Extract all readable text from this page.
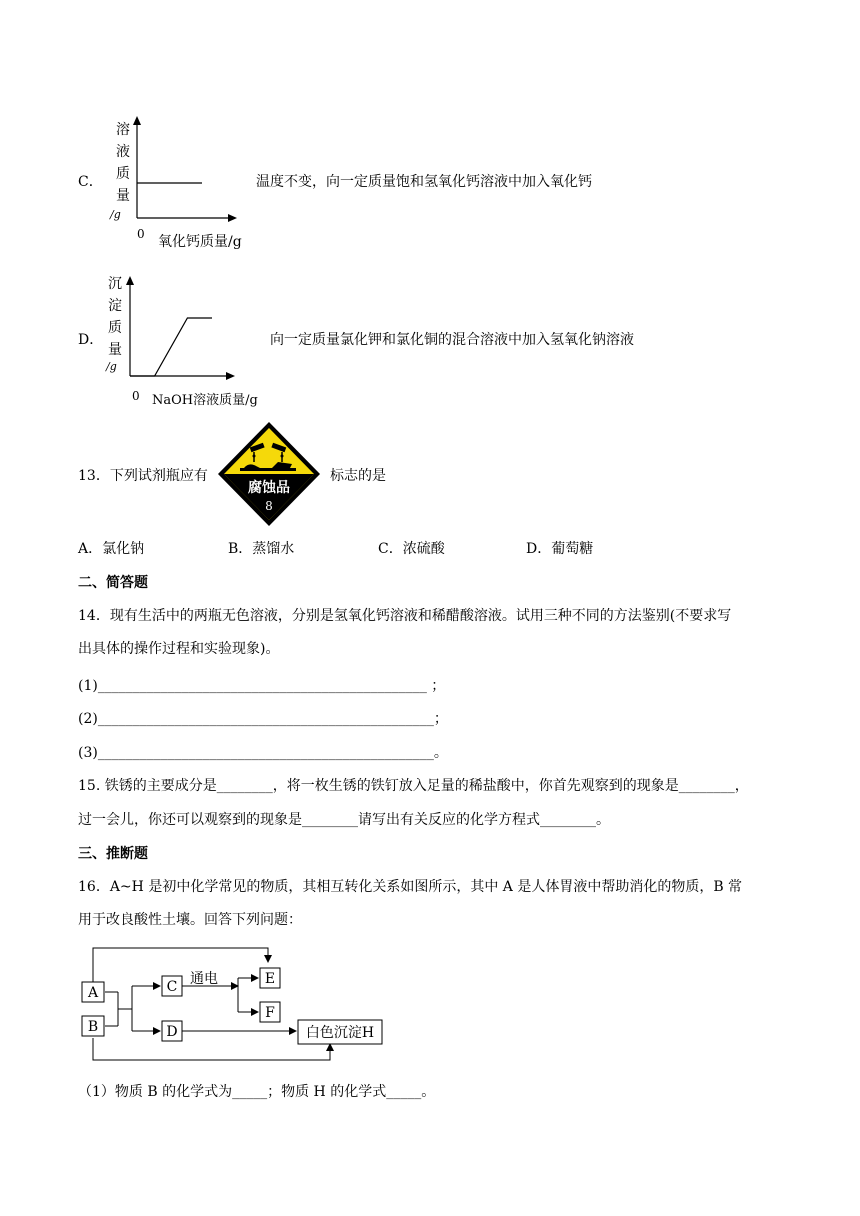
C．
溶
液
质
量
/g
0 氧化钙质量/g
温度不变，向一定质量饱和氢氧化钙溶液中加入氧化钙
D．
沉
淀
质
量
/g
0 NaOH溶液质量/g
向一定质量氯化钾和氯化铜的混合溶液中加入氢氧化钠溶液
13．下列试剂瓶应有
腐蚀品
8
标志的是
A．氯化钠	B．蒸馏水	C．浓硫酸	D．葡萄糖
二、简答题
14．现有生活中的两瓶无色溶液，分别是氢氧化钙溶液和稀醋酸溶液。试用三种不同的方法鉴别(不要求写
出具体的操作过程和实验现象)。
(1)_______________________________________________ ；
(2)________________________________________________；
(3)________________________________________________。
15. 铁锈的主要成分是________，将一枚生锈的铁钉放入足量的稀盐酸中，你首先观察到的现象是________，
过一会儿，你还可以观察到的现象是________请写出有关反应的化学方程式________。
三、推断题
16．A~H 是初中化学常见的物质，其相互转化关系如图所示，其中 A 是人体胃液中帮助消化的物质，B 常
用于改良酸性土壤。回答下列问题：
A
B
C
D
E
F
白色沉淀H
通电
（1）物质 B 的化学式为_____；物质 H 的化学式_____。
